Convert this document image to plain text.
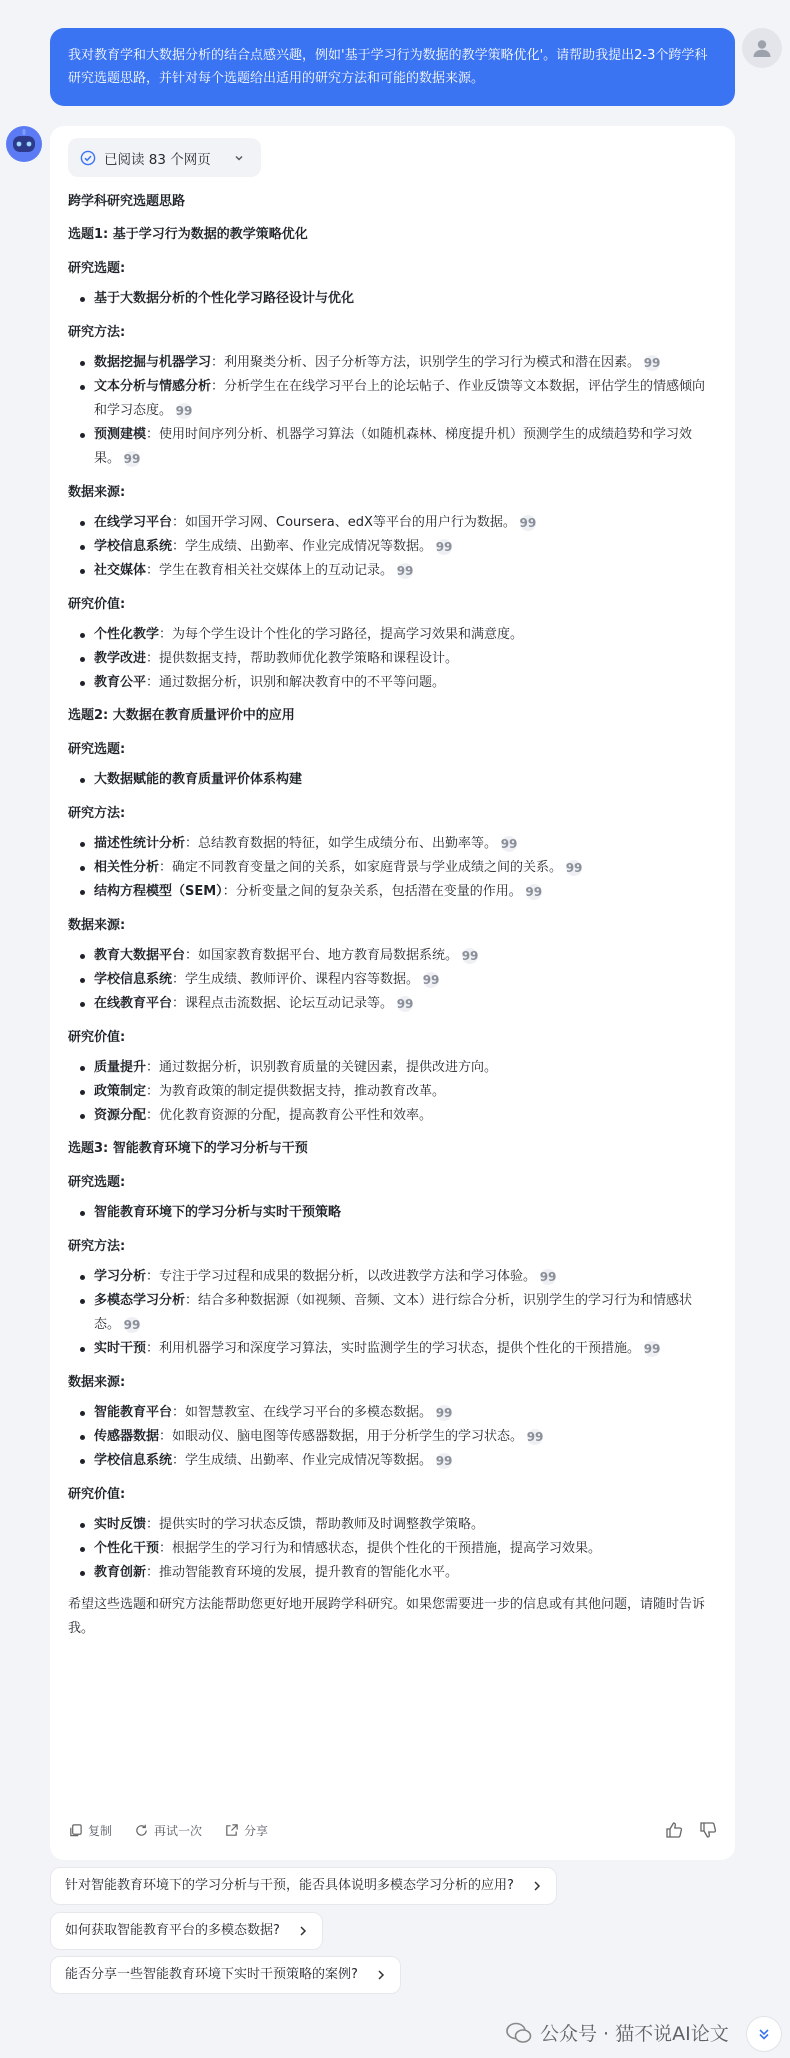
我对教育学和大数据分析的结合点感兴趣，例如'基于学习行为数据的教学策略优化'。请帮助我提出2-3个跨学科研究选题思路，并针对每个选题给出适用的研究方法和可能的数据来源。
已阅读 83 个网页
跨学科研究选题思路
选题1: 基于学习行为数据的教学策略优化
研究选题:
基于大数据分析的个性化学习路径设计与优化
研究方法:
数据挖掘与机器学习：利用聚类分析、因子分析等方法，识别学生的学习行为模式和潜在因素。 99
文本分析与情感分析：分析学生在在线学习平台上的论坛帖子、作业反馈等文本数据，评估学生的情感倾向和学习态度。 99
预测建模：使用时间序列分析、机器学习算法（如随机森林、梯度提升机）预测学生的成绩趋势和学习效果。 99
数据来源:
在线学习平台：如国开学习网、Coursera、edX等平台的用户行为数据。 99
学校信息系统：学生成绩、出勤率、作业完成情况等数据。 99
社交媒体：学生在教育相关社交媒体上的互动记录。 99
研究价值:
个性化教学：为每个学生设计个性化的学习路径，提高学习效果和满意度。
教学改进：提供数据支持，帮助教师优化教学策略和课程设计。
教育公平：通过数据分析，识别和解决教育中的不平等问题。
选题2: 大数据在教育质量评价中的应用
研究选题:
大数据赋能的教育质量评价体系构建
研究方法:
描述性统计分析：总结教育数据的特征，如学生成绩分布、出勤率等。 99
相关性分析：确定不同教育变量之间的关系，如家庭背景与学业成绩之间的关系。 99
结构方程模型（SEM）：分析变量之间的复杂关系，包括潜在变量的作用。 99
数据来源:
教育大数据平台：如国家教育数据平台、地方教育局数据系统。 99
学校信息系统：学生成绩、教师评价、课程内容等数据。 99
在线教育平台：课程点击流数据、论坛互动记录等。 99
研究价值:
质量提升：通过数据分析，识别教育质量的关键因素，提供改进方向。
政策制定：为教育政策的制定提供数据支持，推动教育改革。
资源分配：优化教育资源的分配，提高教育公平性和效率。
选题3: 智能教育环境下的学习分析与干预
研究选题:
智能教育环境下的学习分析与实时干预策略
研究方法:
学习分析：专注于学习过程和成果的数据分析，以改进教学方法和学习体验。 99
多模态学习分析：结合多种数据源（如视频、音频、文本）进行综合分析，识别学生的学习行为和情感状态。 99
实时干预：利用机器学习和深度学习算法，实时监测学生的学习状态，提供个性化的干预措施。 99
数据来源:
智能教育平台：如智慧教室、在线学习平台的多模态数据。 99
传感器数据：如眼动仪、脑电图等传感器数据，用于分析学生的学习状态。 99
学校信息系统：学生成绩、出勤率、作业完成情况等数据。 99
研究价值:
实时反馈：提供实时的学习状态反馈，帮助教师及时调整教学策略。
个性化干预：根据学生的学习行为和情感状态，提供个性化的干预措施，提高学习效果。
教育创新：推动智能教育环境的发展，提升教育的智能化水平。
希望这些选题和研究方法能帮助您更好地开展跨学科研究。如果您需要进一步的信息或有其他问题，请随时告诉我。
复制	再试一次	分享
针对智能教育环境下的学习分析与干预，能否具体说明多模态学习分析的应用?
如何获取智能教育平台的多模态数据?
能否分享一些智能教育环境下实时干预策略的案例?
公众号 · 猫不说AI论文
